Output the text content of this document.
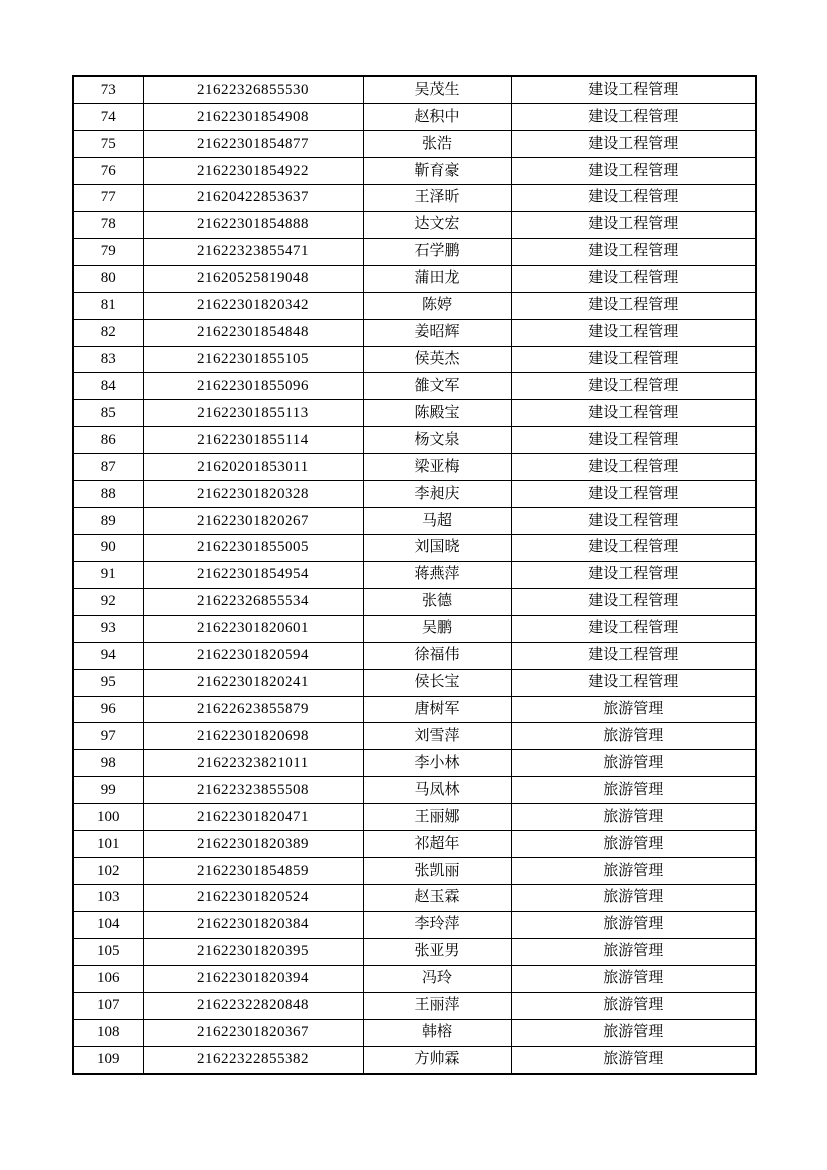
73	21622326855530	吴茂生	建设工程管理
74	21622301854908	赵积中	建设工程管理
75	21622301854877	张浩	建设工程管理
76	21622301854922	靳育豪	建设工程管理
77	21620422853637	王泽昕	建设工程管理
78	21622301854888	达文宏	建设工程管理
79	21622323855471	石学鹏	建设工程管理
80	21620525819048	蒲田龙	建设工程管理
81	21622301820342	陈婷	建设工程管理
82	21622301854848	姜昭辉	建设工程管理
83	21622301855105	侯英杰	建设工程管理
84	21622301855096	雒文军	建设工程管理
85	21622301855113	陈殿宝	建设工程管理
86	21622301855114	杨文泉	建设工程管理
87	21620201853011	梁亚梅	建设工程管理
88	21622301820328	李昶庆	建设工程管理
89	21622301820267	马超	建设工程管理
90	21622301855005	刘国晓	建设工程管理
91	21622301854954	蒋燕萍	建设工程管理
92	21622326855534	张德	建设工程管理
93	21622301820601	吴鹏	建设工程管理
94	21622301820594	徐福伟	建设工程管理
95	21622301820241	侯长宝	建设工程管理
96	21622623855879	唐树军	旅游管理
97	21622301820698	刘雪萍	旅游管理
98	21622323821011	李小林	旅游管理
99	21622323855508	马凤林	旅游管理
100	21622301820471	王丽娜	旅游管理
101	21622301820389	祁超年	旅游管理
102	21622301854859	张凯丽	旅游管理
103	21622301820524	赵玉霖	旅游管理
104	21622301820384	李玲萍	旅游管理
105	21622301820395	张亚男	旅游管理
106	21622301820394	冯玲	旅游管理
107	21622322820848	王丽萍	旅游管理
108	21622301820367	韩榕	旅游管理
109	21622322855382	方帅霖	旅游管理
